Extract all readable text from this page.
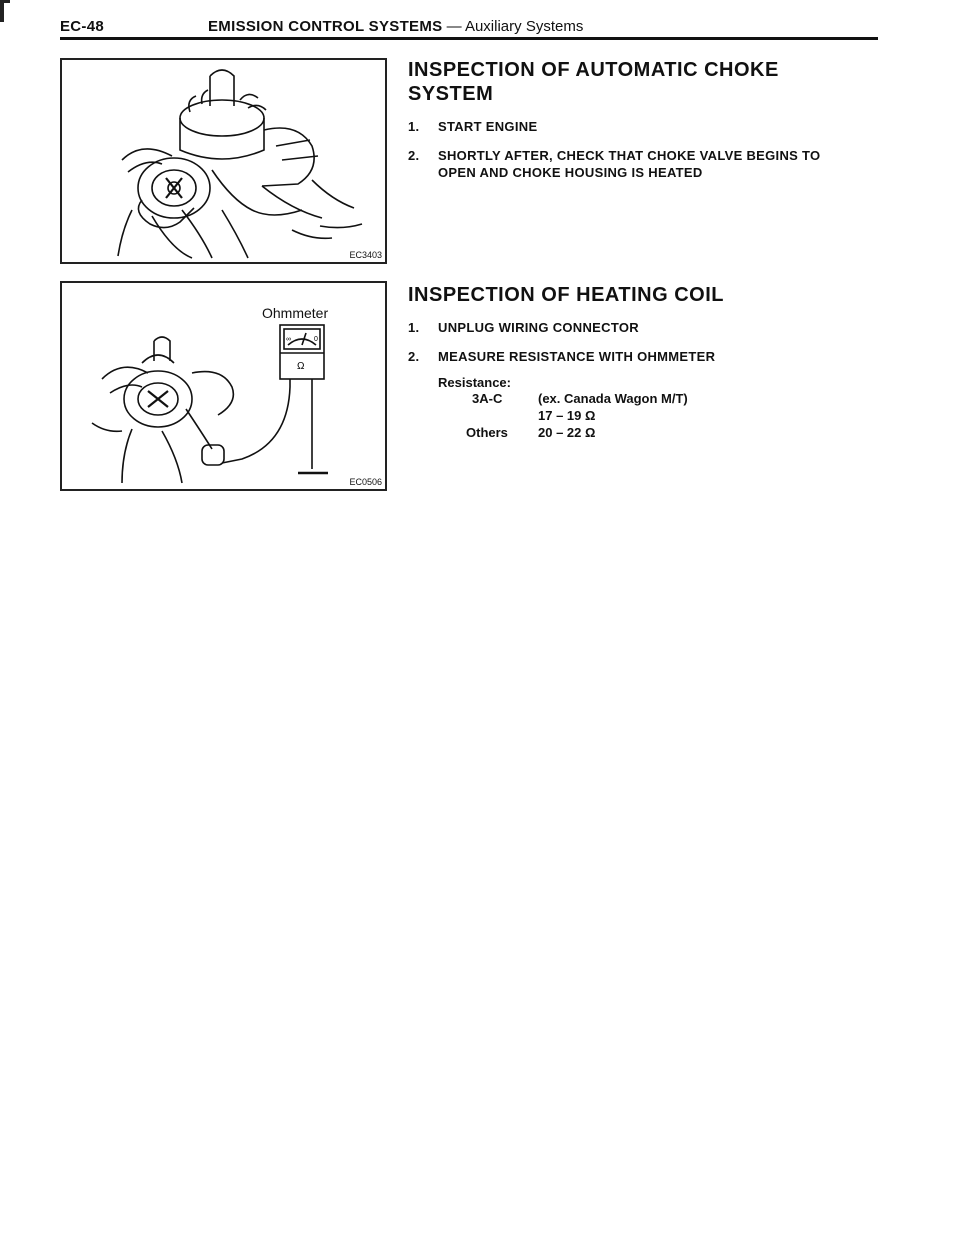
EC-48	EMISSION CONTROL SYSTEMS — Auxiliary Systems
EC3403
Ohmmeter
∞	0
Ω
EC0506
INSPECTION OF AUTOMATIC CHOKE SYSTEM
1. START ENGINE
2. SHORTLY AFTER, CHECK THAT CHOKE VALVE BEGINS TO OPEN AND CHOKE HOUSING IS HEATED
INSPECTION OF HEATING COIL
1. UNPLUG WIRING CONNECTOR
2. MEASURE RESISTANCE WITH OHMMETER
Resistance:
3A-C	(ex. Canada Wagon M/T)
17 – 19 Ω
Others 20 – 22 Ω
